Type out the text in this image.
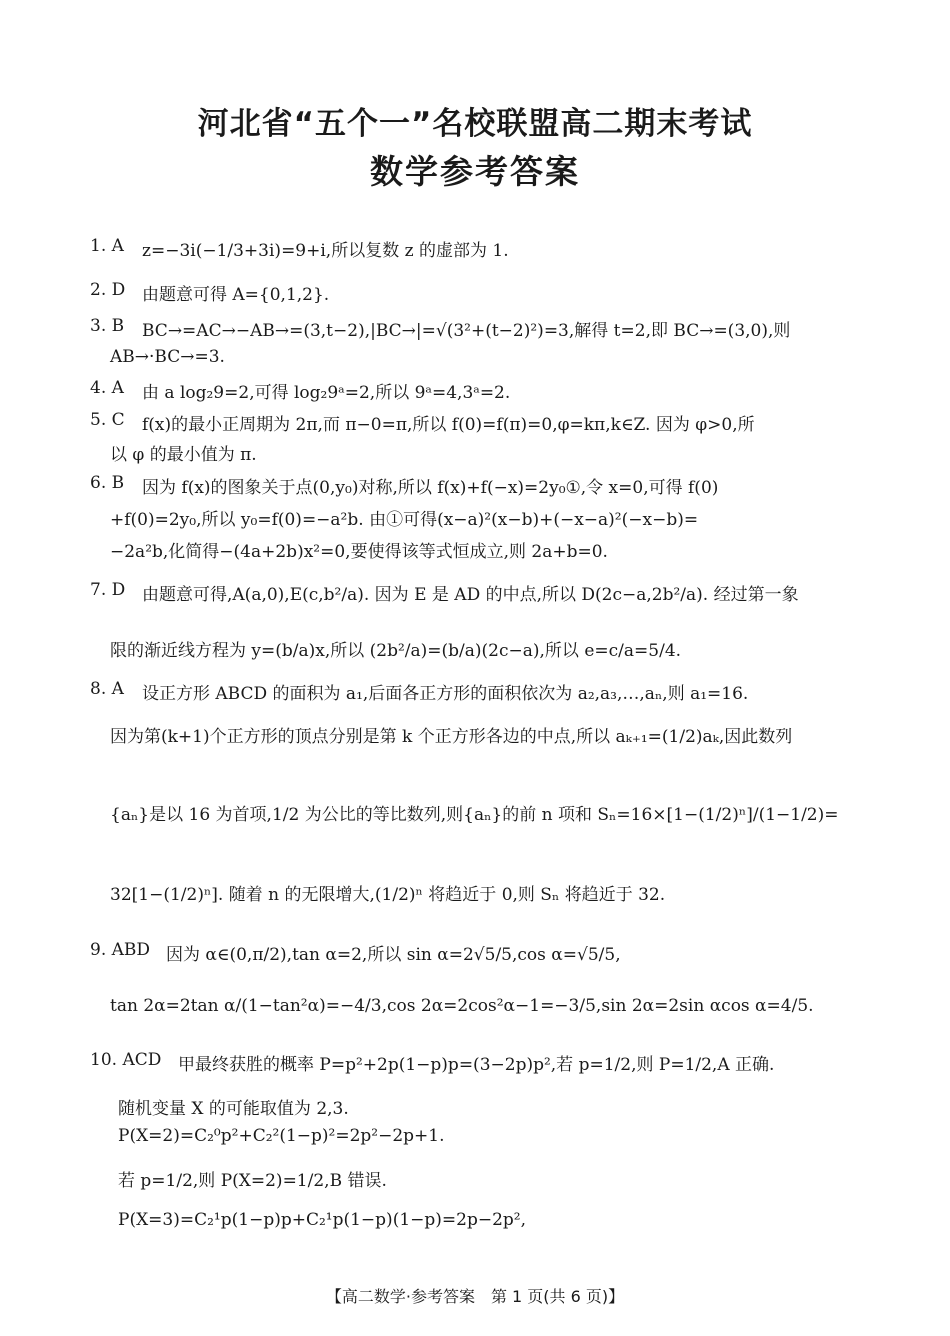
河北省“五个一”名校联盟高二期末考试
数学参考答案
1. A z=−3i(−1/3+3i)=9+i,所以复数 z 的虚部为 1.
2. D 由题意可得 A={0,1,2}.
3. B BC→=AC→−AB→=(3,t−2),|BC→|=√(3²+(t−2)²)=3,解得 t=2,即 BC→=(3,0),则
AB→·BC→=3.
4. A 由 a log₂9=2,可得 log₂9ᵃ=2,所以 9ᵃ=4,3ᵃ=2.
5. C f(x)的最小正周期为 2π,而 π−0=π,所以 f(0)=f(π)=0,φ=kπ,k∈Z. 因为 φ>0,所
以 φ 的最小值为 π.
6. B 因为 f(x)的图象关于点(0,y₀)对称,所以 f(x)+f(−x)=2y₀①,令 x=0,可得 f(0)
+f(0)=2y₀,所以 y₀=f(0)=−a²b. 由①可得(x−a)²(x−b)+(−x−a)²(−x−b)=
−2a²b,化简得−(4a+2b)x²=0,要使得该等式恒成立,则 2a+b=0.
7. D 由题意可得,A(a,0),E(c,b²/a). 因为 E 是 AD 的中点,所以 D(2c−a,2b²/a). 经过第一象
限的渐近线方程为 y=(b/a)x,所以 (2b²/a)=(b/a)(2c−a),所以 e=c/a=5/4.
8. A 设正方形 ABCD 的面积为 a₁,后面各正方形的面积依次为 a₂,a₃,…,aₙ,则 a₁=16.
因为第(k+1)个正方形的顶点分别是第 k 个正方形各边的中点,所以 aₖ₊₁=(1/2)aₖ,因此数列
{aₙ}是以 16 为首项,1/2 为公比的等比数列,则{aₙ}的前 n 项和 Sₙ=16×[1−(1/2)ⁿ]/(1−1/2)=
32[1−(1/2)ⁿ]. 随着 n 的无限增大,(1/2)ⁿ 将趋近于 0,则 Sₙ 将趋近于 32.
9. ABD 因为 α∈(0,π/2),tan α=2,所以 sin α=2√5/5,cos α=√5/5,
tan 2α=2tan α/(1−tan²α)=−4/3,cos 2α=2cos²α−1=−3/5,sin 2α=2sin αcos α=4/5.
10. ACD 甲最终获胜的概率 P=p²+2p(1−p)p=(3−2p)p²,若 p=1/2,则 P=1/2,A 正确.
随机变量 X 的可能取值为 2,3.
P(X=2)=C₂⁰p²+C₂²(1−p)²=2p²−2p+1.
若 p=1/2,则 P(X=2)=1/2,B 错误.
P(X=3)=C₂¹p(1−p)p+C₂¹p(1−p)(1−p)=2p−2p²,
【高二数学·参考答案　第 1 页(共 6 页)】
